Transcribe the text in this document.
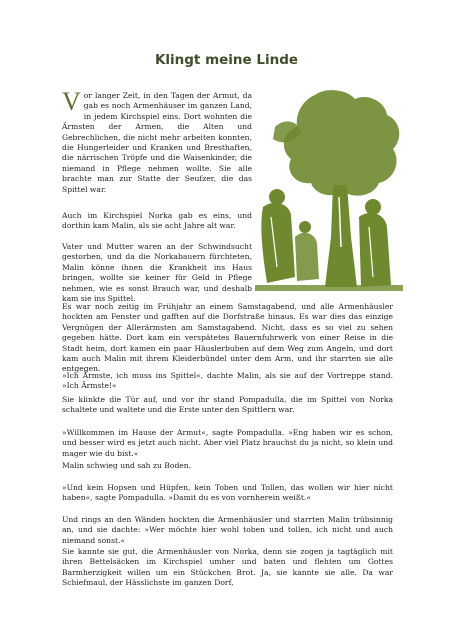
Klingt meine Linde

Vor langer Zeit, in den Tagen der Armut, da gab es noch Armenhäuser im ganzen Land, in jedem Kirchspiel eins. Dort wohnten die Ärmsten der Armen, die Alten und Gebrechlichen, die nicht mehr arbeiten konnten, die Hungerleider und Kranken und Bresthaften, die närrischen Tröpfe und die Waisenkinder, die niemand in Pflege nehmen wollte. Sie alle brachte man zur Statte der Seufzer, die das Spittel war.

Auch im Kirchspiel Norka gab es eins, und dorthin kam Malin, als sie acht Jahre alt war.

Vater und Mutter waren an der Schwindsucht gestorben, und da die Norkabauern fürchteten, Malin könne ihnen die Krankheit ins Haus bringen, wollte sie keiner für Geld in Pflege nehmen, wie es sonst Brauch war, und deshalb kam sie ins Spittel.

Es war noch zeitig im Frühjahr an einem Samstagabend, und alle Armenhäusler hockten am Fenster und gafften auf die Dorfstraße hinaus. Es war dies das einzige Vergnügen der Allerärmsten am Samstagabend. Nicht, dass es so viel zu sehen gegeben hätte. Dort kam ein verspätetes Bauernfuhrwerk von einer Reise in die Stadt heim, dort kamen ein paar Häuslerbuben auf dem Weg zum Angeln, und dort kam auch Malin mit ihrem Kleiderbündel unter dem Arm, und ihr starrten sie alle entgegen.

»Ich Ärmste, ich muss ins Spittel«, dachte Malin, als sie auf der Vortreppe stand. »Ich Ärmste!«

Sie klinkte die Tür auf, und vor ihr stand Pompadulla, die im Spittel von Norka schaltete und waltete und die Erste unter den Spittlern war.

»Willkommen im Hause der Armut«, sagte Pompadulla. »Eng haben wir es schon, und besser wird es jetzt auch nicht. Aber viel Platz brauchst du ja nicht, so klein und mager wie du bist.«

Malin schwieg und sah zu Boden.

»Und kein Hopsen und Hüpfen, kein Toben und Tollen, das wollen wir hier nicht haben«, sagte Pompadulla. »Damit du es von vornherein weißt.«

Und rings an den Wänden hockten die Armenhäusler und starrten Malin trübsinnig an, und sie dachte: »Wer möchte hier wohl toben und tollen, ich nicht und auch niemand sonst.«

Sie kannte sie gut, die Armenhäusler von Norka, denn sie zogen ja tagtäglich mit ihren Bettelsäcken im Kirchspiel umher und baten und flehten um Gottes Barmherzigkeit willen um ein Stückchen Brot. Ja, sie kannte sie alle. Da war Schiefmaul, der Hässlichste im ganzen Dorf,
